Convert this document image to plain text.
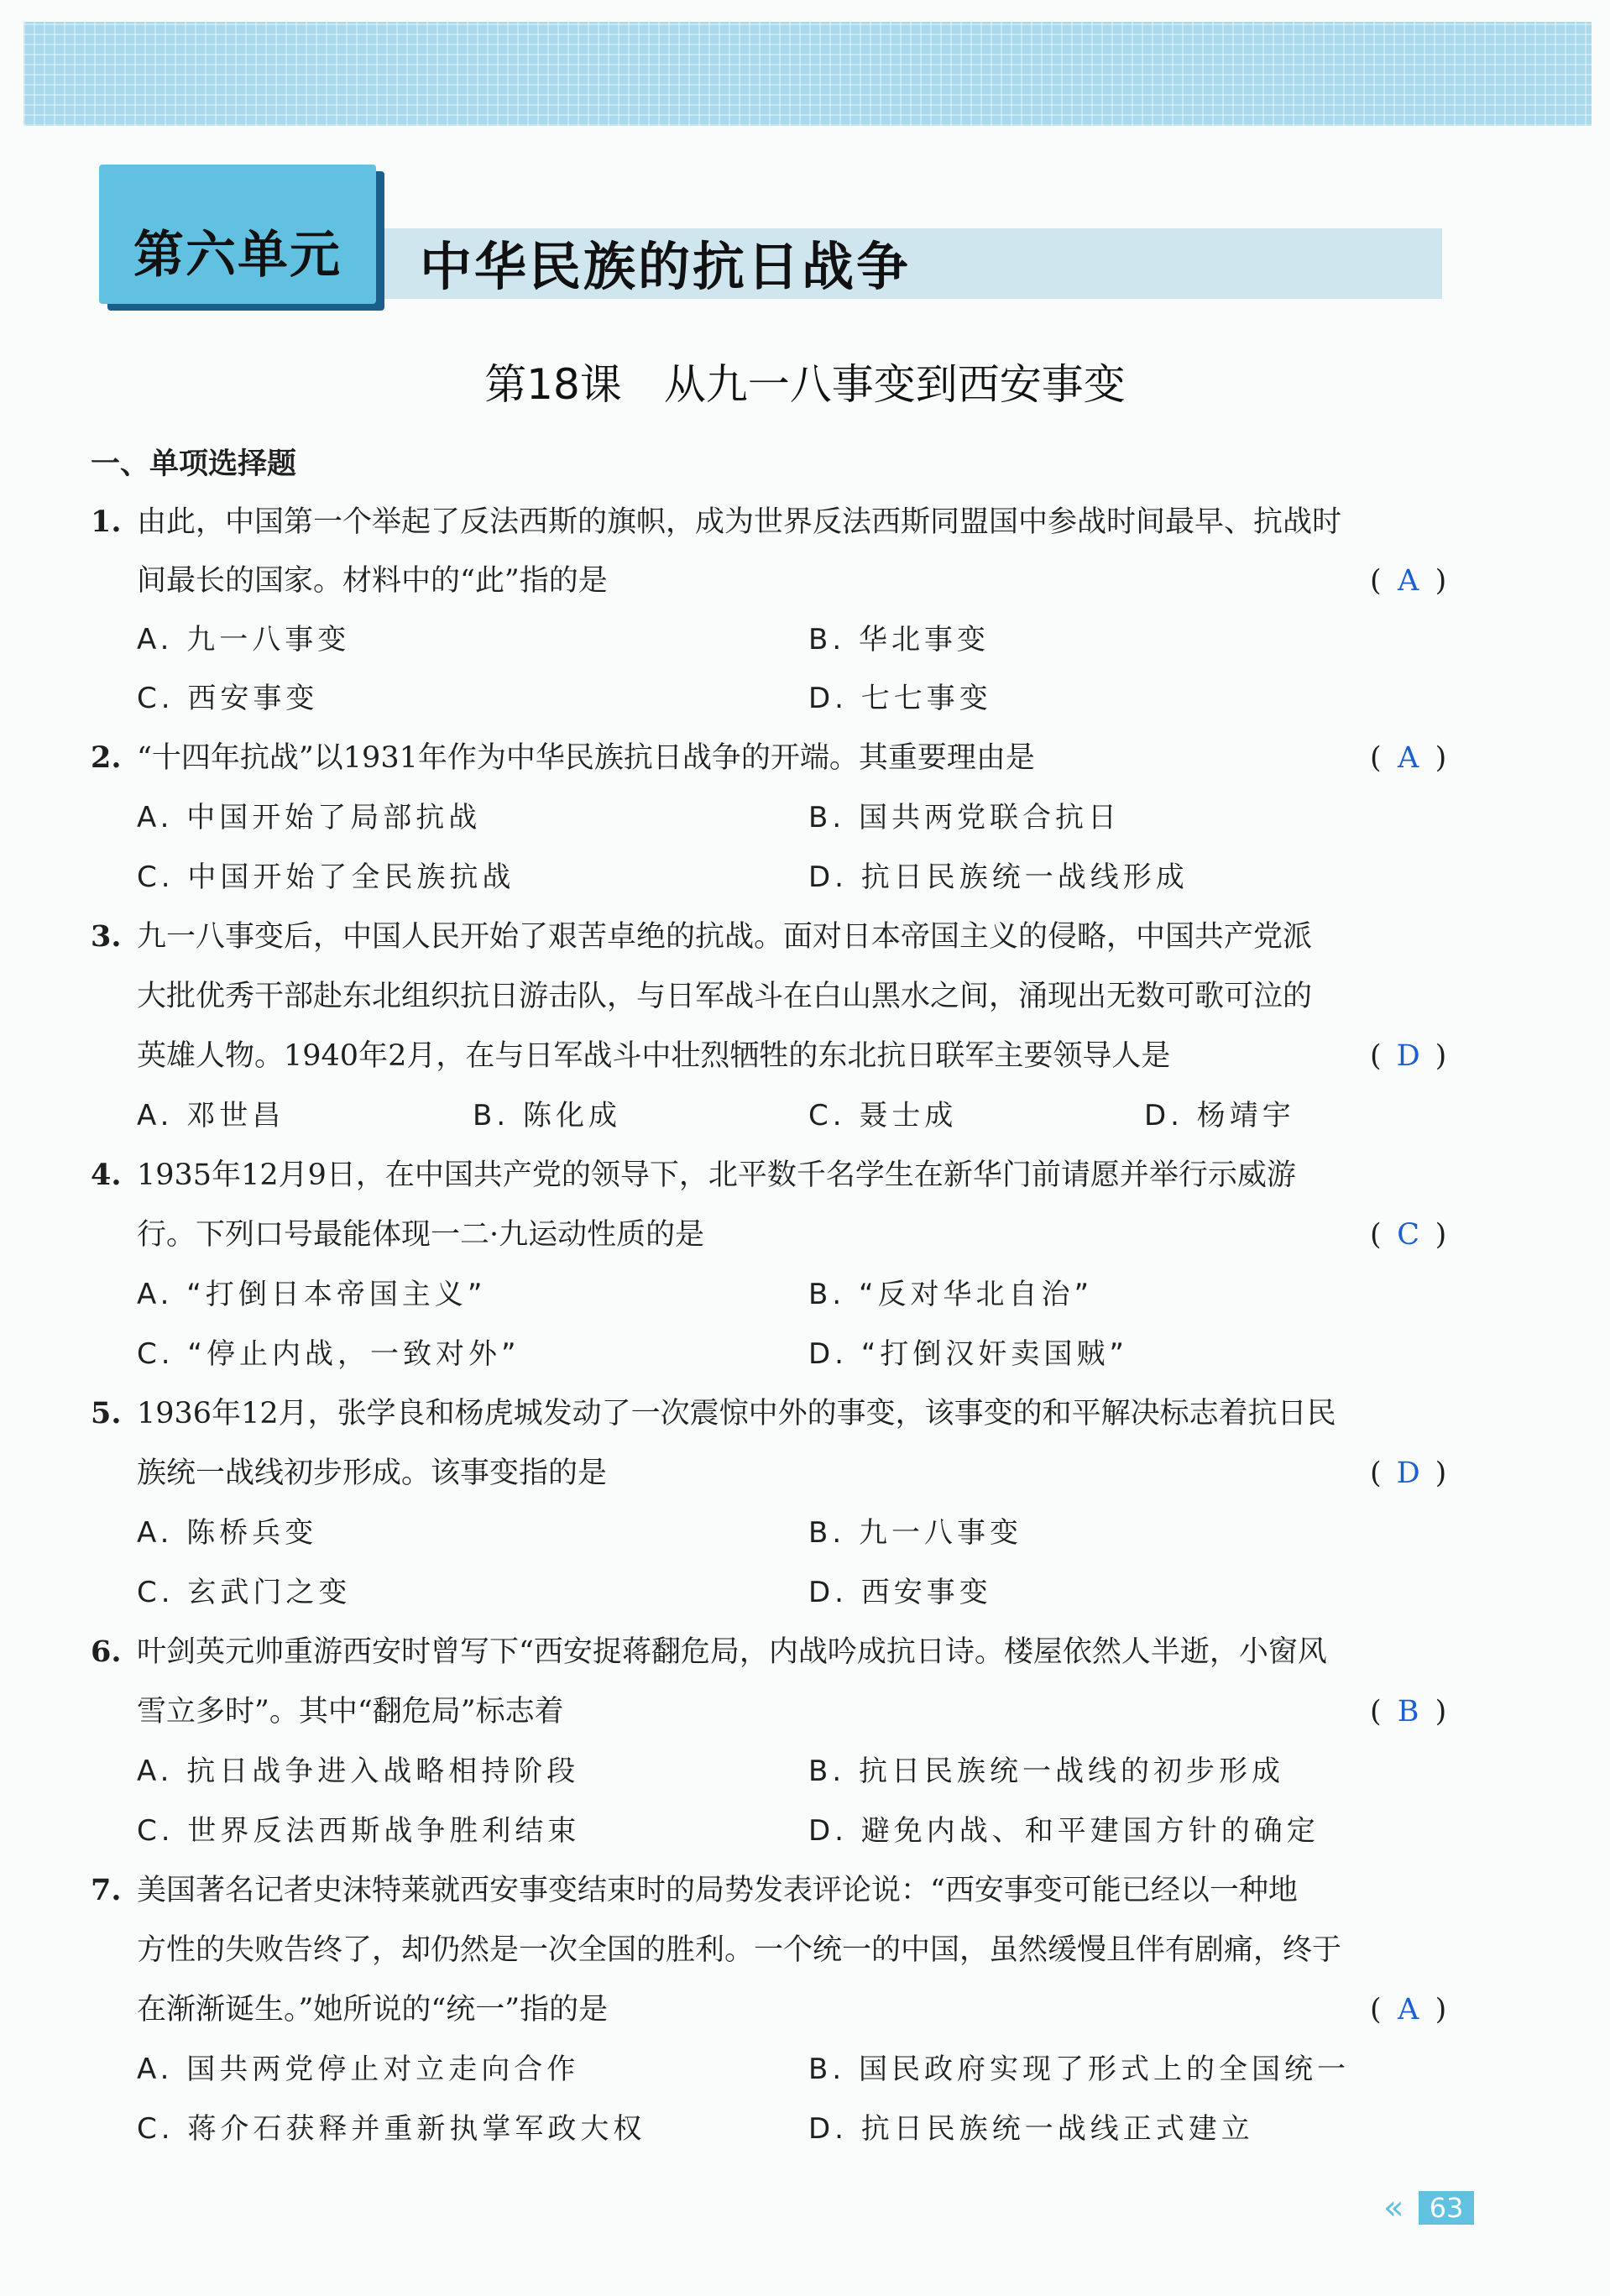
第六单元 中华民族的抗日战争
第18课 从九一八事变到西安事变
一、单项选择题
1. 由此，中国第一个举起了反法西斯的旗帜，成为世界反法西斯同盟国中参战时间最早、抗战时
间最长的国家。材料中的“此”指的是	( A )
A. 九一八事变	B. 华北事变
C. 西安事变	D. 七七事变
2. “十四年抗战”以1931年作为中华民族抗日战争的开端。其重要理由是	( A )
A. 中国开始了局部抗战	B. 国共两党联合抗日
C. 中国开始了全民族抗战	D. 抗日民族统一战线形成
3. 九一八事变后，中国人民开始了艰苦卓绝的抗战。面对日本帝国主义的侵略，中国共产党派
大批优秀干部赴东北组织抗日游击队，与日军战斗在白山黑水之间，涌现出无数可歌可泣的
英雄人物。1940年2月，在与日军战斗中壮烈牺牲的东北抗日联军主要领导人是	( D )
A. 邓世昌	B. 陈化成	C. 聂士成	D. 杨靖宇
4. 1935年12月9日，在中国共产党的领导下，北平数千名学生在新华门前请愿并举行示威游
行。下列口号最能体现一二·九运动性质的是	( C )
A. “打倒日本帝国主义”	B. “反对华北自治”
C. “停止内战，一致对外”	D. “打倒汉奸卖国贼”
5. 1936年12月，张学良和杨虎城发动了一次震惊中外的事变，该事变的和平解决标志着抗日民
族统一战线初步形成。该事变指的是	( D )
A. 陈桥兵变	B. 九一八事变
C. 玄武门之变	D. 西安事变
6. 叶剑英元帅重游西安时曾写下“西安捉蒋翻危局，内战吟成抗日诗。楼屋依然人半逝，小窗风
雪立多时”。其中“翻危局”标志着	( B )
A. 抗日战争进入战略相持阶段	B. 抗日民族统一战线的初步形成
C. 世界反法西斯战争胜利结束	D. 避免内战、和平建国方针的确定
7. 美国著名记者史沫特莱就西安事变结束时的局势发表评论说：“西安事变可能已经以一种地
方性的失败告终了，却仍然是一次全国的胜利。一个统一的中国，虽然缓慢且伴有剧痛，终于
在渐渐诞生。”她所说的“统一”指的是	( A )
A. 国共两党停止对立走向合作	B. 国民政府实现了形式上的全国统一
C. 蒋介石获释并重新执掌军政大权	D. 抗日民族统一战线正式建立
« 63
